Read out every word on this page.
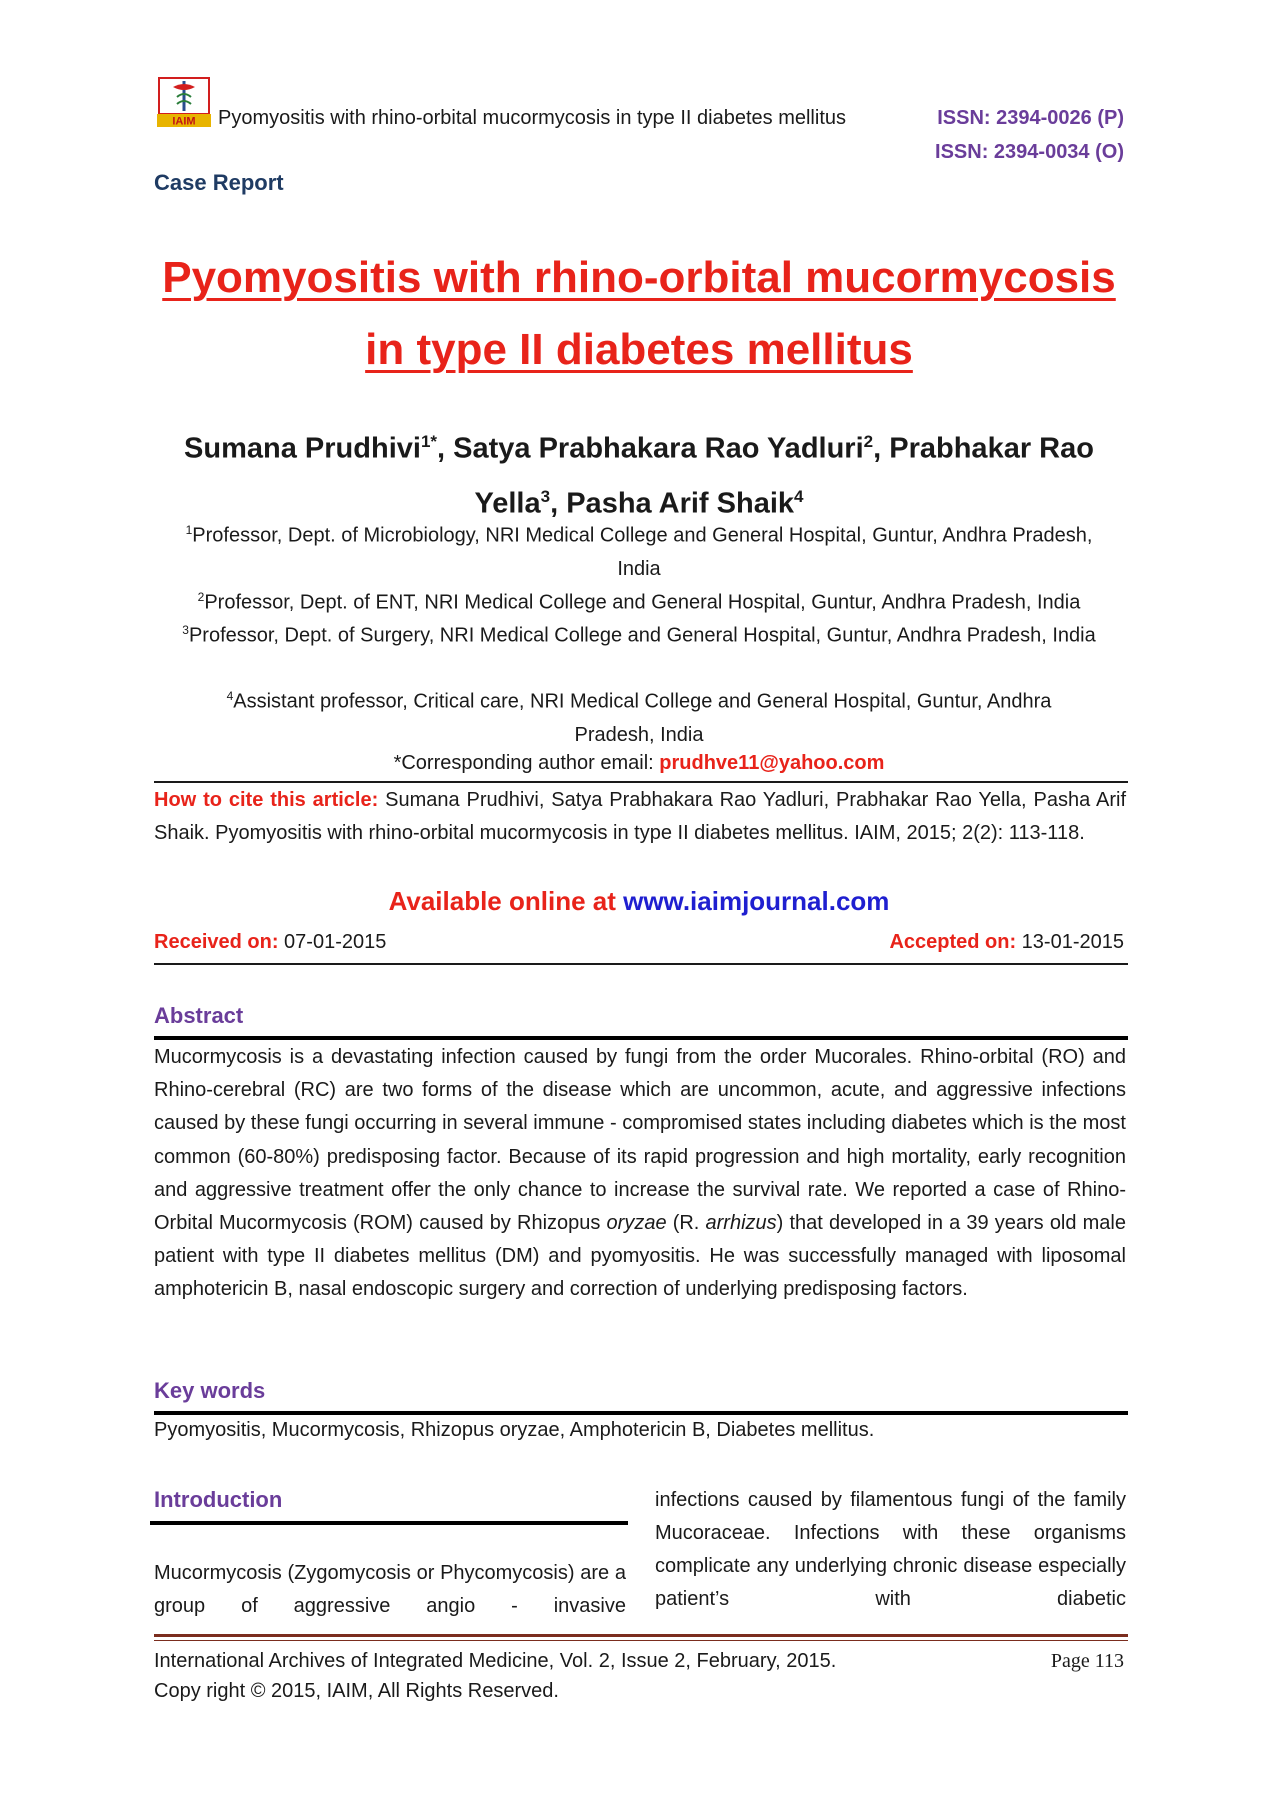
IAIM Pyomyositis with rhino-orbital mucormycosis in type II diabetes mellitus	ISSN: 2394-0026 (P)
ISSN: 2394-0034 (O)
Case Report
Pyomyositis with rhino-orbital mucormycosis
in type II diabetes mellitus
Sumana Prudhivi$^{1*}$, Satya Prabhakara Rao Yadluri$^2$, Prabhakar Rao Yella$^3$, Pasha Arif Shaik$^4$
$^1$Professor, Dept. of Microbiology, NRI Medical College and General Hospital, Guntur, Andhra Pradesh, India
$^2$Professor, Dept. of ENT, NRI Medical College and General Hospital, Guntur, Andhra Pradesh, India
$^3$Professor, Dept. of Surgery, NRI Medical College and General Hospital, Guntur, Andhra Pradesh, India
$^4$Assistant professor, Critical care, NRI Medical College and General Hospital, Guntur, Andhra Pradesh, India
*Corresponding author email: prudhve11@yahoo.com
How to cite this article: Sumana Prudhivi, Satya Prabhakara Rao Yadluri, Prabhakar Rao Yella, Pasha Arif Shaik. Pyomyositis with rhino-orbital mucormycosis in type II diabetes mellitus. IAIM, 2015; 2(2): 113-118.
Available online at www.iaimjournal.com
Received on: 07-01-2015	Accepted on: 13-01-2015
Abstract
Mucormycosis is a devastating infection caused by fungi from the order Mucorales. Rhino-orbital (RO) and Rhino-cerebral (RC) are two forms of the disease which are uncommon, acute, and aggressive infections caused by these fungi occurring in several immune - compromised states including diabetes which is the most common (60-80%) predisposing factor. Because of its rapid progression and high mortality, early recognition and aggressive treatment offer the only chance to increase the survival rate. We reported a case of Rhino-Orbital Mucormycosis (ROM) caused by Rhizopus oryzae (R. arrhizus) that developed in a 39 years old male patient with type II diabetes mellitus (DM) and pyomyositis. He was successfully managed with liposomal amphotericin B, nasal endoscopic surgery and correction of underlying predisposing factors.
Key words
Pyomyositis, Mucormycosis, Rhizopus oryzae, Amphotericin B, Diabetes mellitus.
Introduction
Mucormycosis (Zygomycosis or Phycomycosis) are a group of aggressive angio - invasive
infections caused by filamentous fungi of the family Mucoraceae. Infections with these organisms complicate any underlying chronic disease especially patient’s with diabetic
International Archives of Integrated Medicine, Vol. 2, Issue 2, February, 2015.
Copy right © 2015, IAIM, All Rights Reserved.
Page 113
